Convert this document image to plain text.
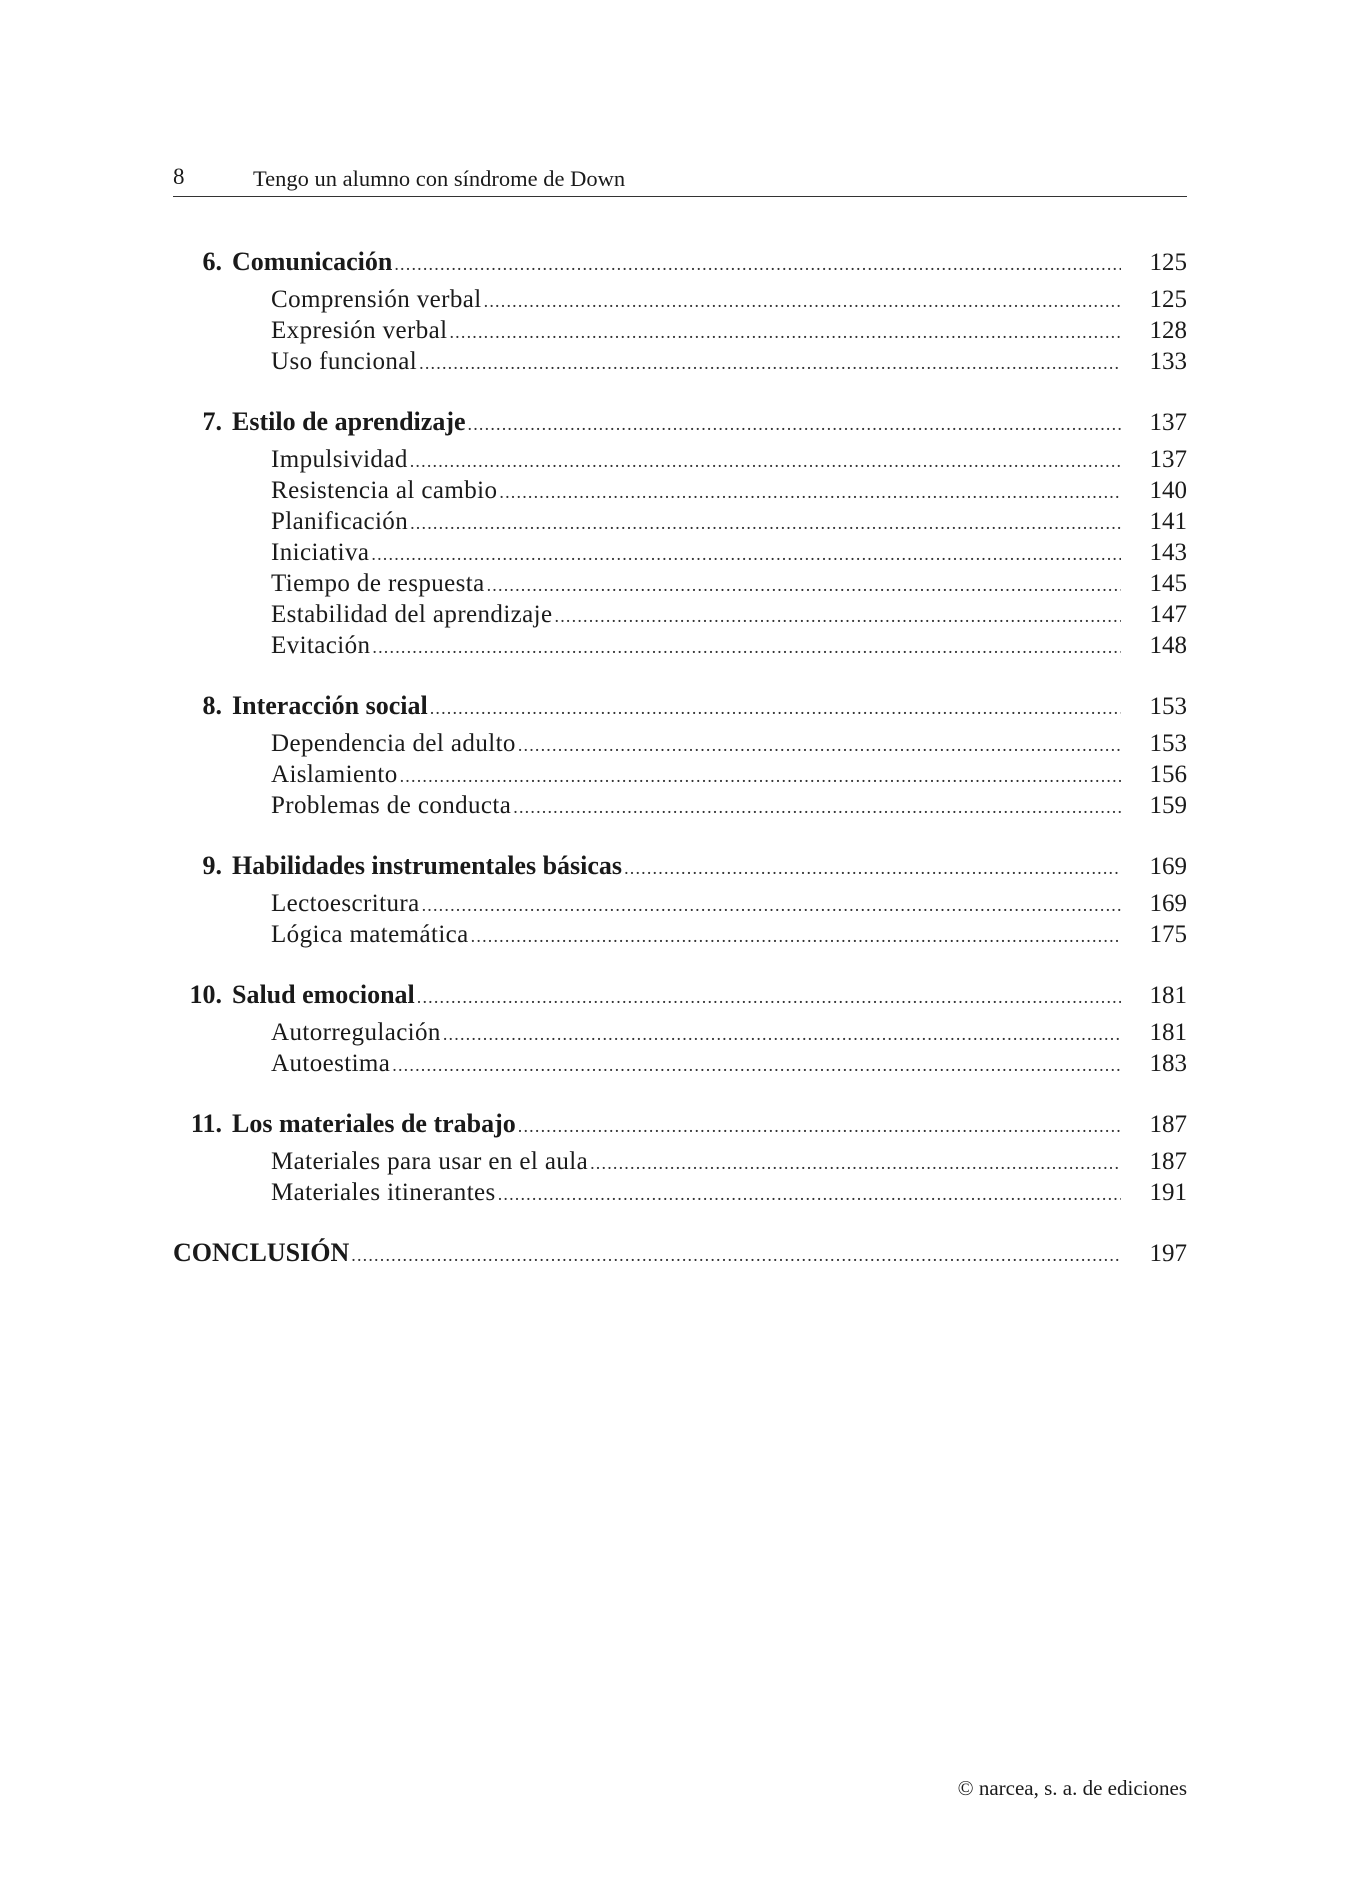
8	Tengo un alumno con síndrome de Down
6. Comunicación .....	125
Comprensión verbal .....	125
Expresión verbal .....	128
Uso funcional .....	133
7. Estilo de aprendizaje .....	137
Impulsividad .....	137
Resistencia al cambio .....	140
Planificación .....	141
Iniciativa .....	143
Tiempo de respuesta .....	145
Estabilidad del aprendizaje .....	147
Evitación .....	148
8. Interacción social .....	153
Dependencia del adulto .....	153
Aislamiento .....	156
Problemas de conducta .....	159
9. Habilidades instrumentales básicas .....	169
Lectoescritura .....	169
Lógica matemática .....	175
10. Salud emocional .....	181
Autorregulación .....	181
Autoestima .....	183
11. Los materiales de trabajo .....	187
Materiales para usar en el aula .....	187
Materiales itinerantes .....	191
CONCLUSIÓN .....	197
© narcea, s. a. de ediciones
